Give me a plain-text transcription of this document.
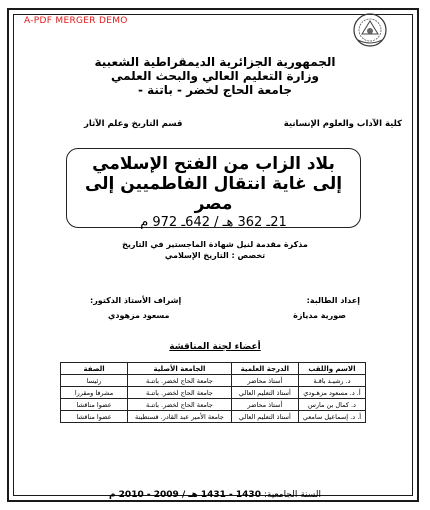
A-PDF MERGER DEMO
الجمهورية الجزائرية الديمقراطية الشعبية
وزارة التعليم العالي والبحث العلمي
جامعة الحاج لخضر - باتنة -
كلية الآداب والعلوم الإنسانية
قسم التاريخ وعلم الآثار
بلاد الزاب من الفتح الإسلامي
إلى غاية انتقال الفاطميين إلى مصر
21ـ 362 هـ / 642ـ 972 م
مذكرة مقدمة لنيل شهادة الماجستير في التاريخ
تخصص : التاريخ الإسلامي
إعداد الطالبة:
صورية مديازة
إشراف الأستاذ الدكتور:
مسعود مزهودي
أعضاء لجنة المناقشة
الاسم واللقب	الدرجة العلمية	الجامعة الأصلية	الصفة
د. رشيـد باقـة	أستاذ محاضر	جامعة الحاج لخضر. باتنـة	رئيسا
أ. د. مسعود مزهـودي	أستاذ التعليم العالي	جامعة الحاج لخضر. باتنـة	مشرفا ومقررا
د. كمال بن مارس	أستاذ محاضر	جامعة الحاج لخضر. باتنـة	عضوا مناقشا
أ. د. إسماعيل سامعي	أستاذ التعليم العالي	جامعة الأمير عبد القادر. قسنطينة	عضوا مناقشا
السنة الجامعية: 1430 - 1431 هـ / 2009 - 2010 م
